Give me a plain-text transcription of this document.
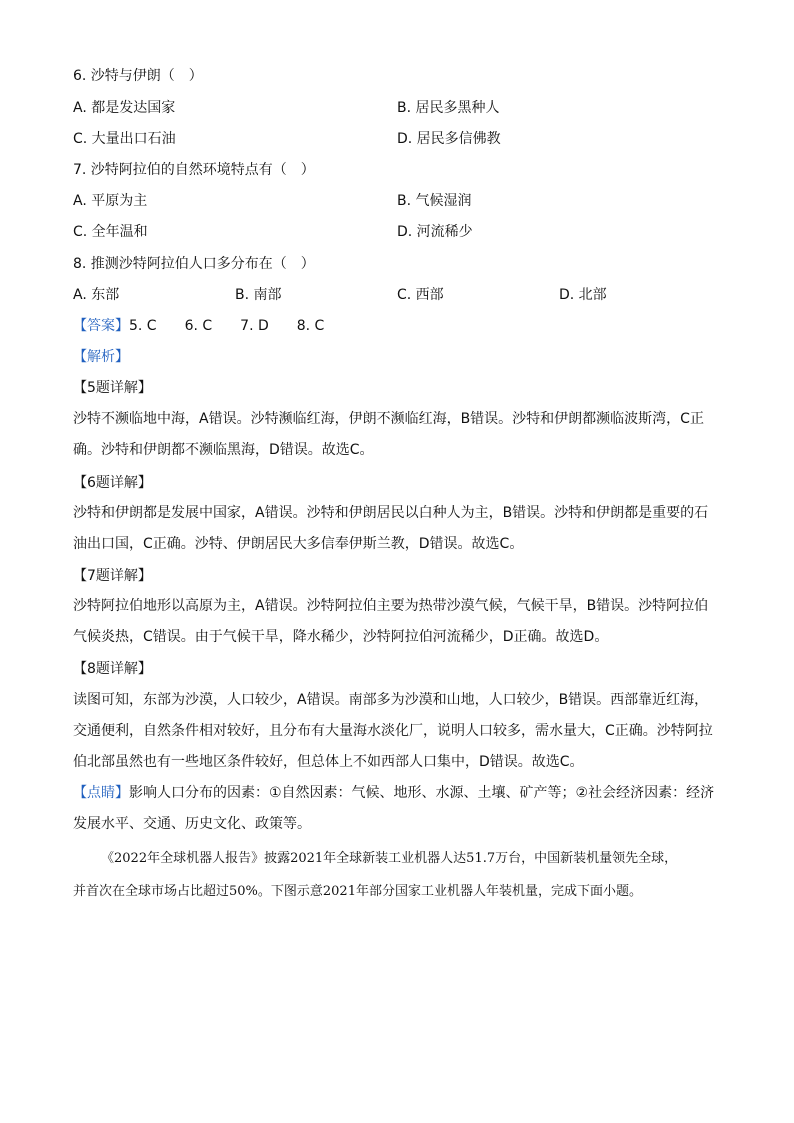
6. 沙特与伊朗（　）
A. 都是发达国家	B. 居民多黑种人
C. 大量出口石油	D. 居民多信佛教
7. 沙特阿拉伯的自然环境特点有（　）
A. 平原为主	B. 气候湿润
C. 全年温和	D. 河流稀少
8. 推测沙特阿拉伯人口多分布在（　）
A. 东部	B. 南部	C. 西部	D. 北部
【答案】5. C　　6. C　　7. D　　8. C
【解析】
【5题详解】
沙特不濒临地中海，A错误。沙特濒临红海，伊朗不濒临红海，B错误。沙特和伊朗都濒临波斯湾，C正
确。沙特和伊朗都不濒临黑海，D错误。故选C。
【6题详解】
沙特和伊朗都是发展中国家，A错误。沙特和伊朗居民以白种人为主，B错误。沙特和伊朗都是重要的石
油出口国，C正确。沙特、伊朗居民大多信奉伊斯兰教，D错误。故选C。
【7题详解】
沙特阿拉伯地形以高原为主，A错误。沙特阿拉伯主要为热带沙漠气候，气候干旱，B错误。沙特阿拉伯
气候炎热，C错误。由于气候干旱，降水稀少，沙特阿拉伯河流稀少，D正确。故选D。
【8题详解】
读图可知，东部为沙漠，人口较少，A错误。南部多为沙漠和山地，人口较少，B错误。西部靠近红海，
交通便利，自然条件相对较好，且分布有大量海水淡化厂，说明人口较多，需水量大，C正确。沙特阿拉
伯北部虽然也有一些地区条件较好，但总体上不如西部人口集中，D错误。故选C。
【点睛】影响人口分布的因素：①自然因素：气候、地形、水源、土壤、矿产等；②社会经济因素：经济
发展水平、交通、历史文化、政策等。
《2022年全球机器人报告》披露2021年全球新装工业机器人达51.7万台，中国新装机量领先全球，
并首次在全球市场占比超过50%。下图示意2021年部分国家工业机器人年装机量，完成下面小题。
